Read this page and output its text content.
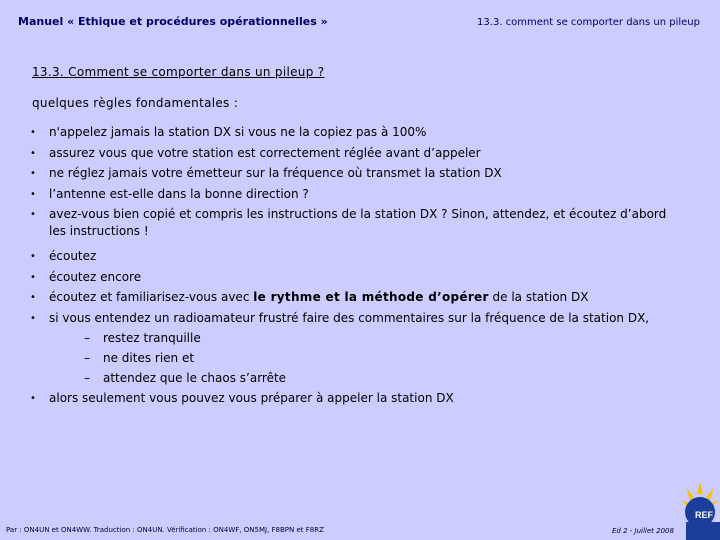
Manuel « Ethique et procédures opérationnelles »	13.3. comment se comporter dans un pileup
13.3. Comment se comporter dans un pileup ?
quelques règles fondamentales :
• n'appelez jamais la station DX si vous ne la copiez pas à 100%
• assurez vous que votre station est correctement réglée avant d’appeler
• ne réglez jamais votre émetteur sur la fréquence où transmet la station DX
• l’antenne est-elle dans la bonne direction ?
• avez-vous bien copié et compris les instructions de la station DX ? Sinon, attendez, et écoutez d’abord les instructions !
• écoutez
• écoutez encore
• écoutez et familiarisez-vous avec le rythme et la méthode d’opérer de la station DX
• si vous entendez un radioamateur frustré faire des commentaires sur la fréquence de la station DX,
– restez tranquille
– ne dites rien et
– attendez que le chaos s’arrête
• alors seulement vous pouvez vous préparer à appeler la station DX
Par : ON4UN et ON4WW. Traduction : ON4UN. Vérification : ON4WF, ON5MJ, F8BPN et F8RZ	Ed 2 - Juillet 2008
REF
